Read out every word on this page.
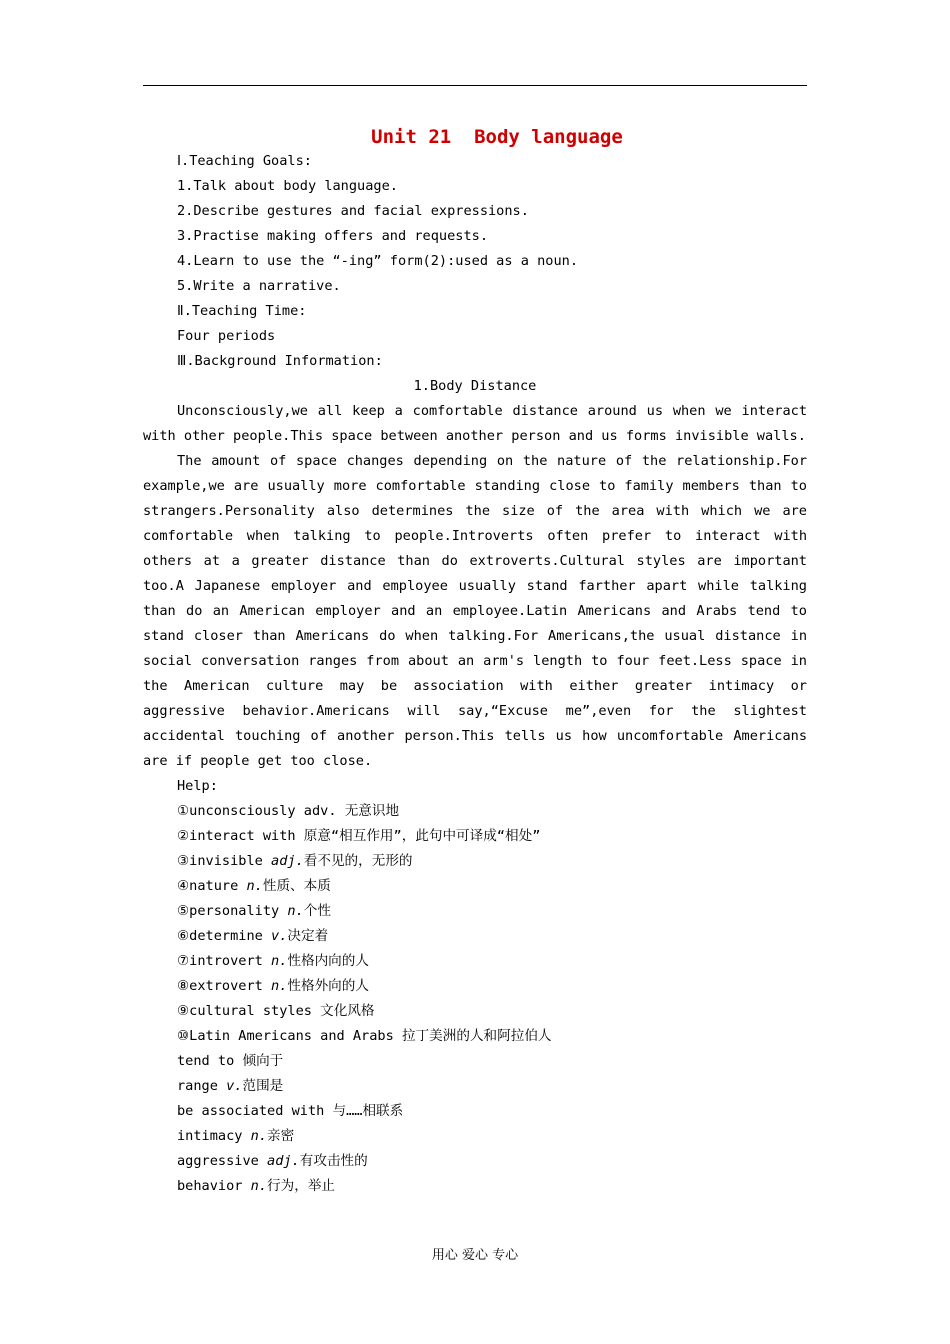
Unit 21  Body language
Ⅰ.Teaching Goals:
1.Talk about body language.
2.Describe gestures and facial expressions.
3.Practise making offers and requests.
4.Learn to use the “-ing” form(2):used as a noun.
5.Write a narrative.
Ⅱ.Teaching Time:
Four periods
Ⅲ.Background Information:
1.Body Distance

Unconsciously,we all keep a comfortable distance around us when we interact with other people.This space between another person and us forms invisible walls.

The amount of space changes depending on the nature of the relationship.For example,we are usually more comfortable standing close to family members than to strangers.Personality also determines the size of the area with which we are comfortable when talking to people.Introverts often prefer to interact with others at a greater distance than do extroverts.Cultural styles are important too.A Japanese employer and employee usually stand farther apart while talking than do an American employer and an employee.Latin Americans and Arabs tend to stand closer than Americans do when talking.For Americans,the usual distance in social conversation ranges from about an arm's length to four feet.Less space in the American culture may be association with either greater intimacy or aggressive behavior.Americans will say,“Excuse me”,even for the slightest accidental touching of another person.This tells us how uncomfortable Americans are if people get too close.

Help:
①unconsciously adv. 无意识地
②interact with 原意“相互作用”，此句中可译成“相处”
③invisible adj.看不见的，无形的
④nature n.性质、本质
⑤personality n.个性
⑥determine v.决定着
⑦introvert n.性格内向的人
⑧extrovert n.性格外向的人
⑨cultural styles 文化风格
⑩Latin Americans and Arabs 拉丁美洲的人和阿拉伯人
tend to 倾向于
range v.范围是
be associated with 与……相联系
intimacy n.亲密
aggressive adj.有攻击性的
behavior n.行为，举止
用心 爱心 专心
